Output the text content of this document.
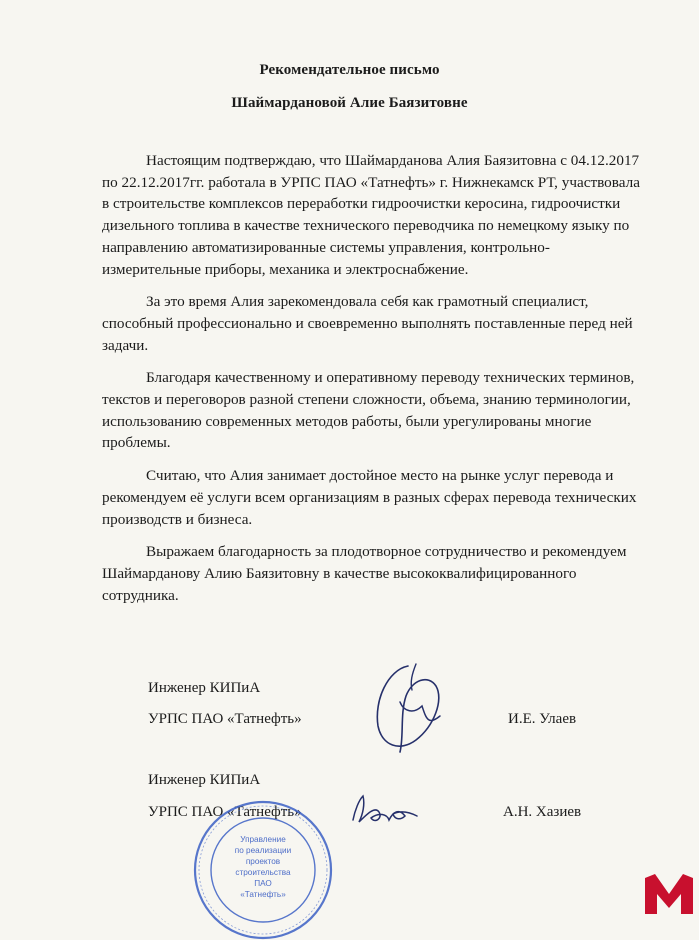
Рекомендательное письмо
Шаймардановой Алие Баязитовне

Настоящим подтверждаю, что Шаймарданова Алия Баязитовна с 04.12.2017 по 22.12.2017гг. работала в УРПС ПАО «Татнефть» г. Нижнекамск РТ, участвовала в строительстве комплексов переработки гидроочистки керосина, гидроочистки дизельного топлива в качестве технического переводчика по немецкому языку по направлению автоматизированные системы управления, контрольно-измерительные приборы, механика и электроснабжение.

За это время Алия зарекомендовала себя как грамотный специалист, способный профессионально и своевременно выполнять поставленные перед ней задачи.

Благодаря качественному и оперативному переводу технических терминов, текстов и переговоров разной степени сложности, объема, знанию терминологии, использованию современных методов работы, были урегулированы многие проблемы.

Считаю, что Алия занимает достойное место на рынке услуг перевода и рекомендуем её услуги всем организациям в разных сферах перевода технических производств и бизнеса.

Выражаем благодарность за плодотворное сотрудничество и рекомендуем Шаймарданову Алию Баязитовну в качестве высококвалифицированного сотрудника.

Инженер КИПиА
УРПС ПАО «Татнефть»	И.Е. Улаев
Инженер КИПиА
УРПС ПАО «Татнефть»	А.Н. Хазиев
Управление
по реализации
проектов
строительства
ПАО
«Татнефть»
